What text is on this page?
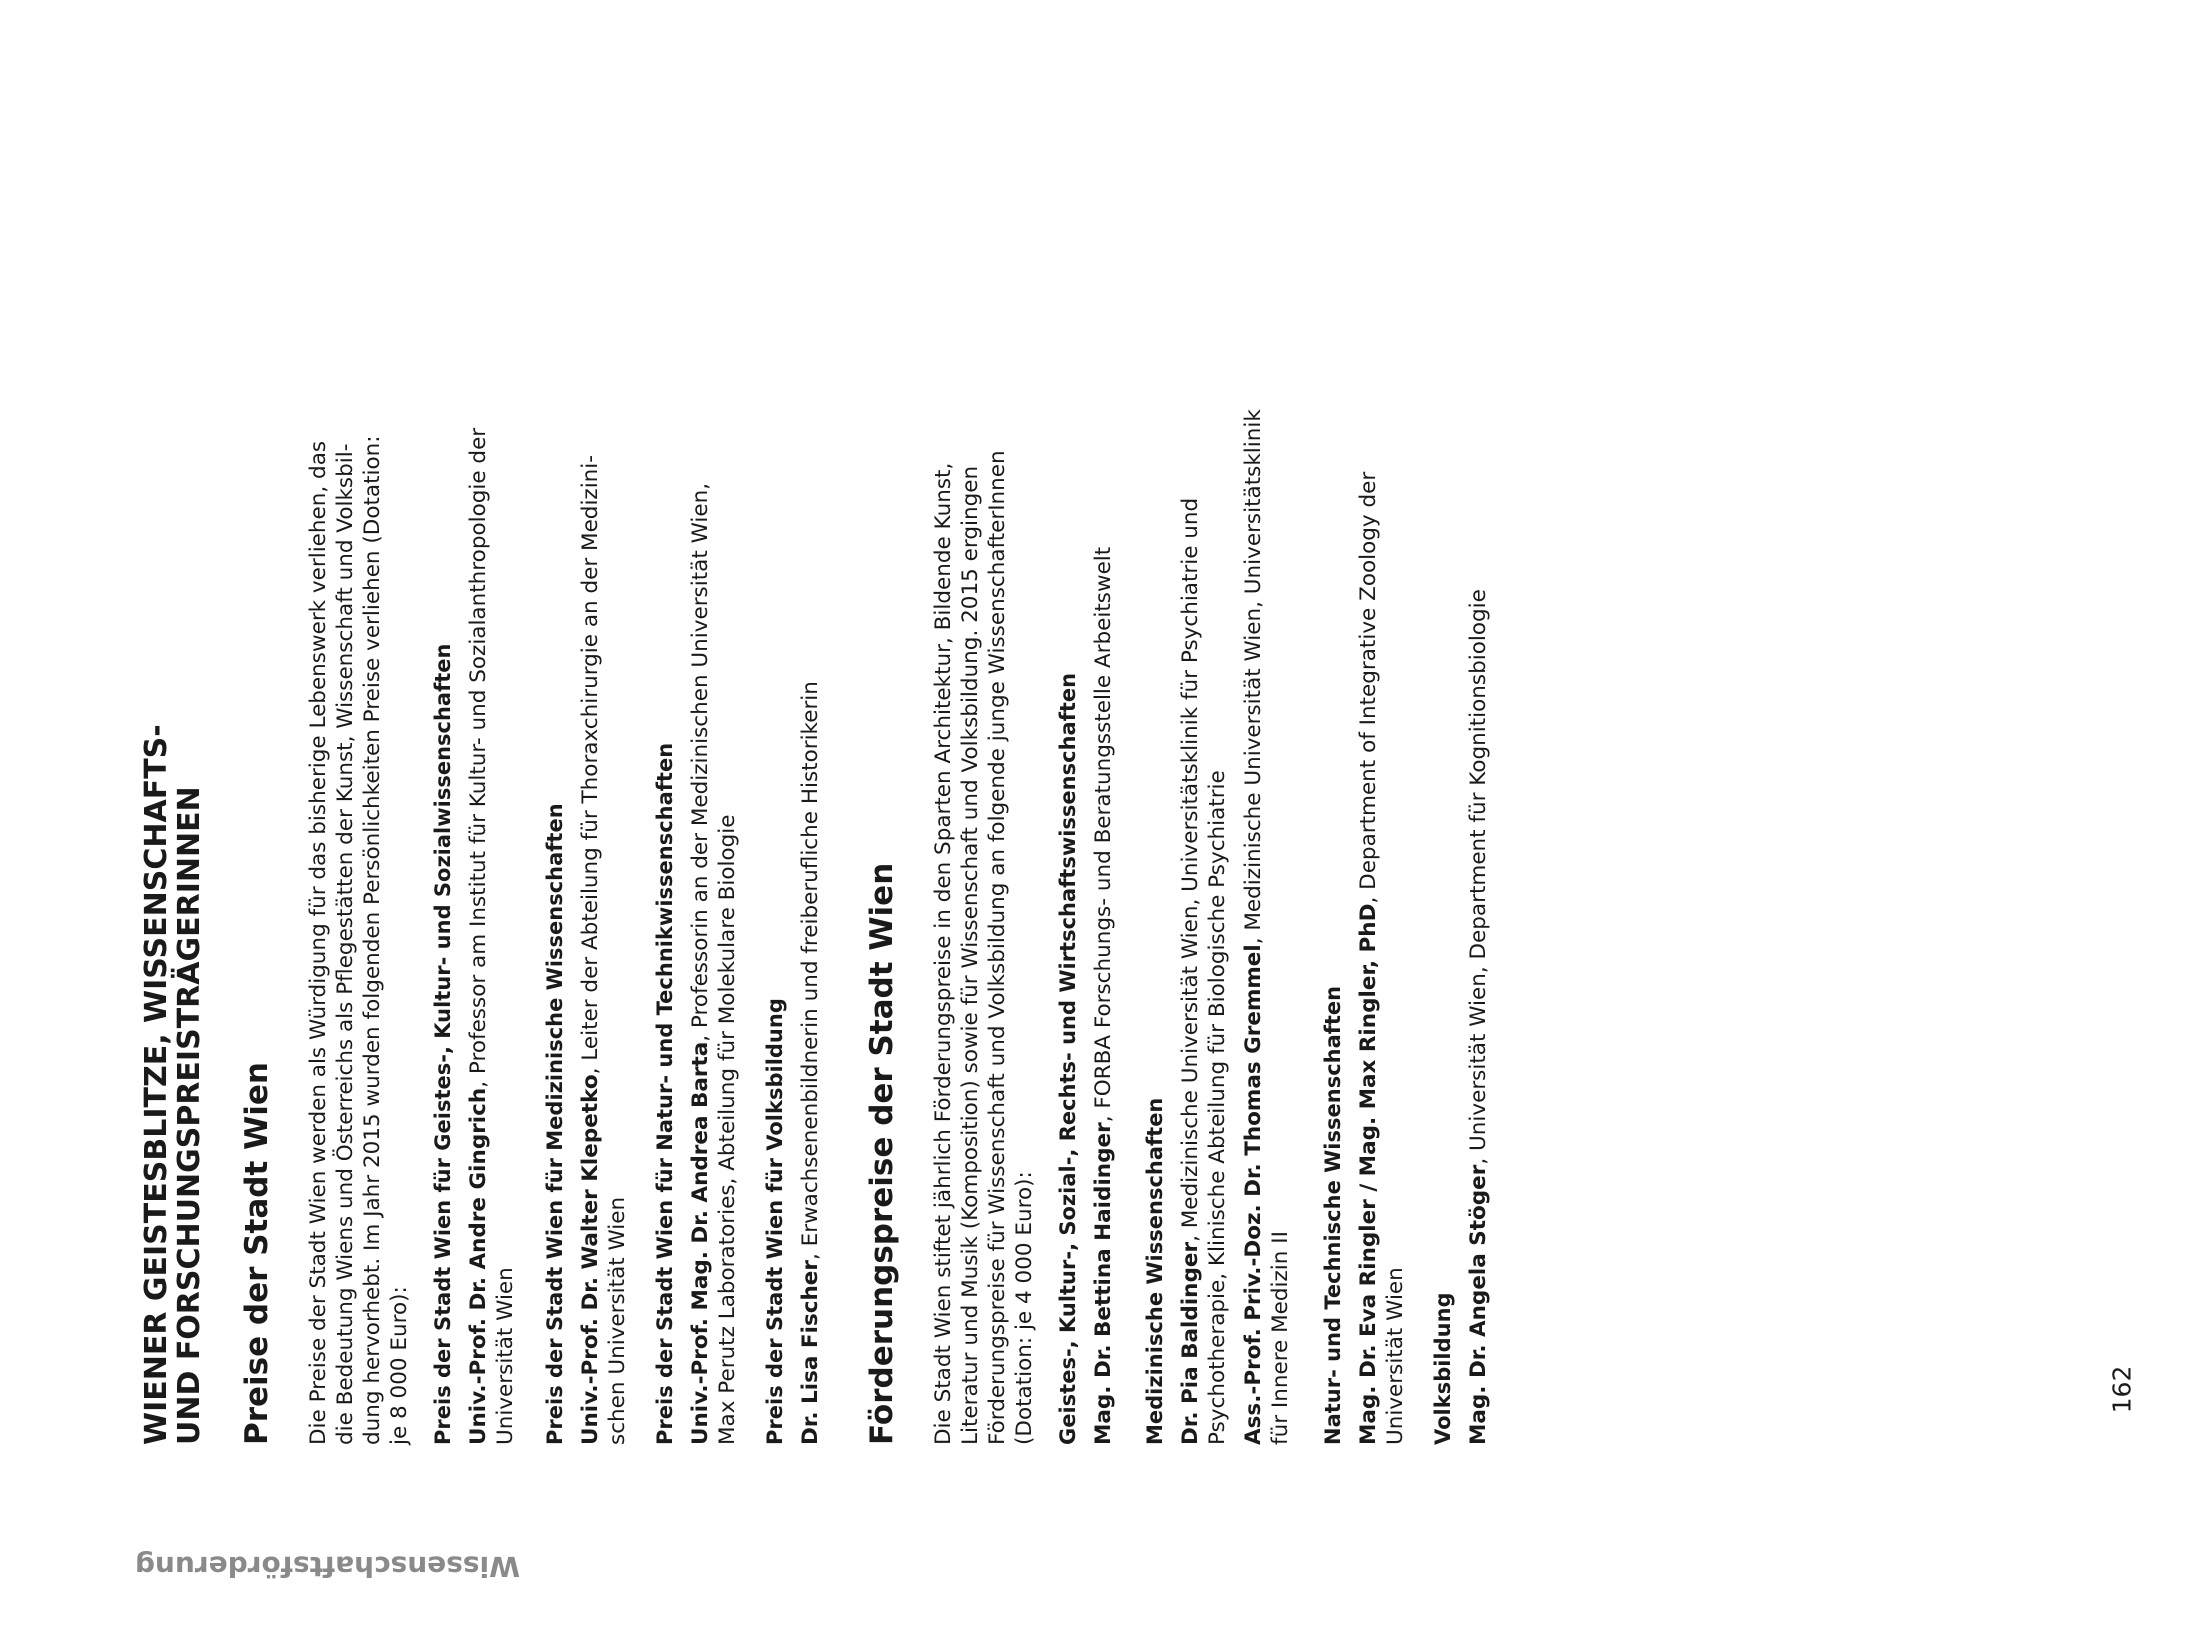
WIENER GEISTESBLITZE, WISSENSCHAFTS-
UND FORSCHUNGSPREISTRÄGERINNEN Preise der Stadt Wien Die Preise der Stadt Wien werden als Würdigung für das bisherige Lebenswerk verliehen, das die Bedeutung Wiens und Österreichs als Pflegestätten der Kunst, Wissenschaft und Volksbil- dung hervorhebt. Im Jahr 2015 wurden folgenden Persönlichkeiten Preise verliehen (Dotation: je 8 000 Euro): Preis der Stadt Wien für Geistes-, Kultur- und Sozialwissenschaften Univ.-Prof. Dr. Andre Gingrich, Professor am Institut für Kultur- und Sozialanthropologie der
Universität Wien Preis der Stadt Wien für Medizinische Wissenschaften Univ.-Prof. Dr. Walter Klepetko, Leiter der Abteilung für Thoraxchirurgie an der Medizini-
schen Universität Wien Preis der Stadt Wien für Natur- und Technikwissenschaften Univ.-Prof. Mag. Dr. Andrea Barta, Professorin an der Medizinischen Universität Wien,
Max Perutz Laboratories, Abteilung für Molekulare Biologie Preis der Stadt Wien für Volksbildung Dr. Lisa Fischer, Erwachsenenbildnerin und freiberufliche Historikerin Förderungspreise der Stadt Wien Die Stadt Wien stiftet jährlich Förderungspreise in den Sparten Architektur, Bildende Kunst, Literatur und Musik (Komposition) sowie für Wissenschaft und Volksbildung. 2015 ergingen Förderungspreise für Wissenschaft und Volksbildung an folgende junge WissenschafterInnen (Dotation: je 4 000 Euro): Geistes-, Kultur-, Sozial-, Rechts- und Wirtschaftswissenschaften Mag. Dr. Bettina Haidinger, FORBA Forschungs- und Beratungsstelle Arbeitswelt
Medizinische Wissenschaften Dr. Pia Baldinger, Medizinische Universität Wien, Universitätsklinik für Psychiatrie und Psychotherapie, Klinische Abteilung für Biologische Psychiatrie Ass.-Prof. Priv.-Doz. Dr. Thomas Gremmel, Medizinische Universität Wien, Universitätsklinik
für Innere Medizin II Natur- und Technische Wissenschaften Mag. Dr. Eva Ringler / Mag. Max Ringler, PhD, Department of Integrative Zoology der
Universität Wien Volksbildung Mag. Dr. Angela Stöger, Universität Wien, Department für Kognitionsbiologie
162
Wissenschaftsförderung
